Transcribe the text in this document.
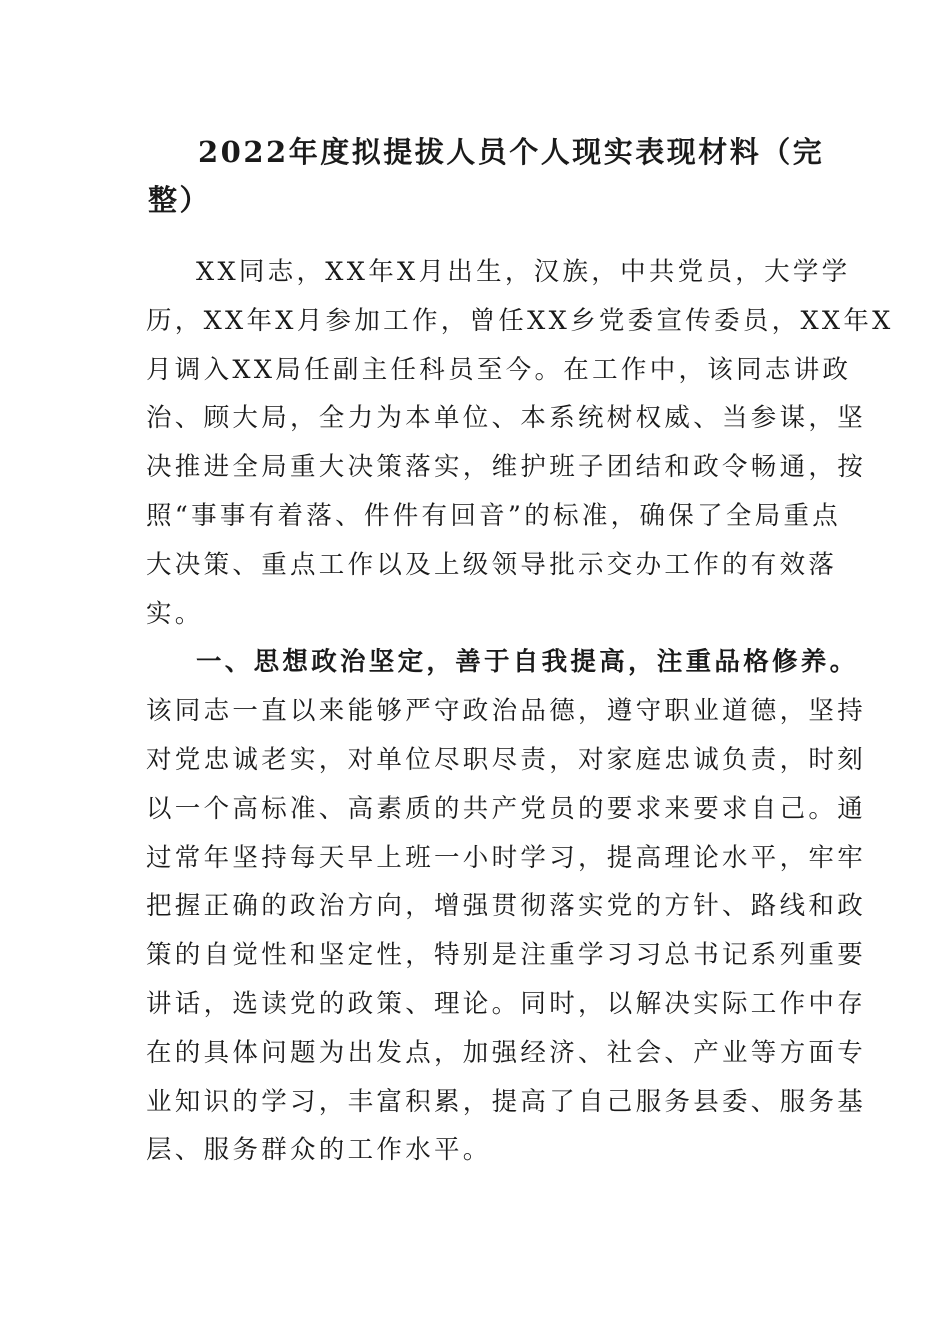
2022年度拟提拔人员个人现实表现材料（完
整）
XX同志，XX年X月出生，汉族，中共党员，大学学
历，XX年X月参加工作，曾任XX乡党委宣传委员，XX年X
月调入XX局任副主任科员至今。在工作中，该同志讲政
治、顾大局，全力为本单位、本系统树权威、当参谋，坚
决推进全局重大决策落实，维护班子团结和政令畅通，按
照“事事有着落、件件有回音”的标准，确保了全局重点
大决策、重点工作以及上级领导批示交办工作的有效落
实。
一、思想政治坚定，善于自我提高，注重品格修养。
该同志一直以来能够严守政治品德，遵守职业道德，坚持
对党忠诚老实，对单位尽职尽责，对家庭忠诚负责，时刻
以一个高标准、高素质的共产党员的要求来要求自己。通
过常年坚持每天早上班一小时学习，提高理论水平，牢牢
把握正确的政治方向，增强贯彻落实党的方针、路线和政
策的自觉性和坚定性，特别是注重学习习总书记系列重要
讲话，选读党的政策、理论。同时，以解决实际工作中存
在的具体问题为出发点，加强经济、社会、产业等方面专
业知识的学习，丰富积累，提高了自己服务县委、服务基
层、服务群众的工作水平。
